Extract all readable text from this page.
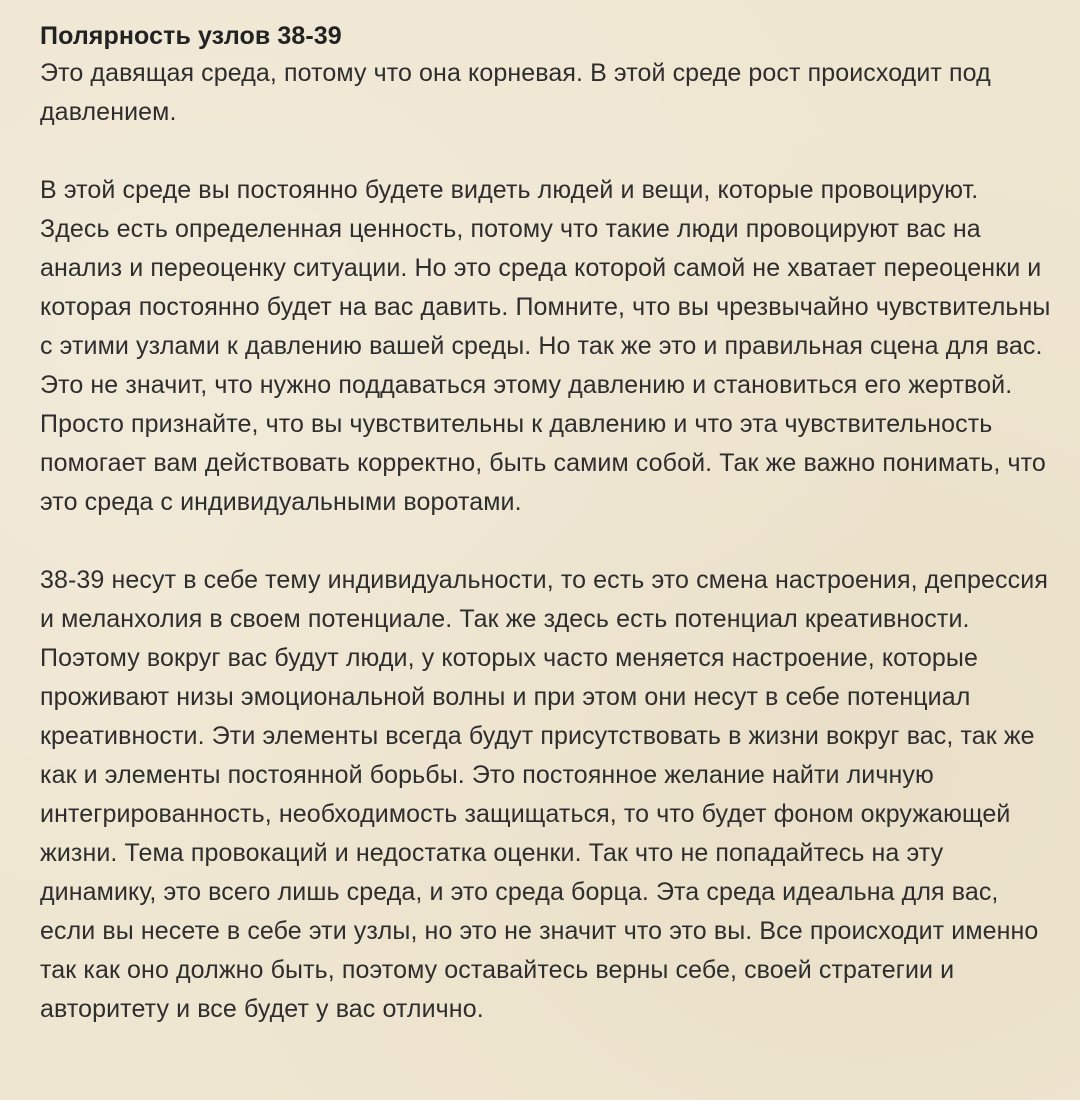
Полярность узлов 38-39

Это давящая среда, потому что она корневая. В этой среде рост происходит под давлением.

В этой среде вы постоянно будете видеть людей и вещи, которые провоцируют. Здесь есть определенная ценность, потому что такие люди провоцируют вас на анализ и переоценку ситуации. Но это среда которой самой не хватает переоценки и которая постоянно будет на вас давить. Помните, что вы чрезвычайно чувствительны с этими узлами к давлению вашей среды. Но так же это и правильная сцена для вас. Это не значит, что нужно поддаваться этому давлению и становиться его жертвой. Просто признайте, что вы чувствительны к давлению и что эта чувствительность помогает вам действовать корректно, быть самим собой. Так же важно понимать, что это среда с индивидуальными воротами.

38-39 несут в себе тему индивидуальности, то есть это смена настроения, депрессия и меланхолия в своем потенциале. Так же здесь есть потенциал креативности. Поэтому вокруг вас будут люди, у которых часто меняется настроение, которые проживают низы эмоциональной волны и при этом они несут в себе потенциал креативности. Эти элементы всегда будут присутствовать в жизни вокруг вас, так же как и элементы постоянной борьбы. Это постоянное желание найти личную интегрированность, необходимость защищаться, то что будет фоном окружающей жизни. Тема провокаций и недостатка оценки. Так что не попадайтесь на эту динамику, это всего лишь среда, и это среда борца. Эта среда идеальна для вас, если вы несете в себе эти узлы, но это не значит что это вы. Все происходит именно так как оно должно быть, поэтому оставайтесь верны себе, своей стратегии и авторитету и все будет у вас отлично.
